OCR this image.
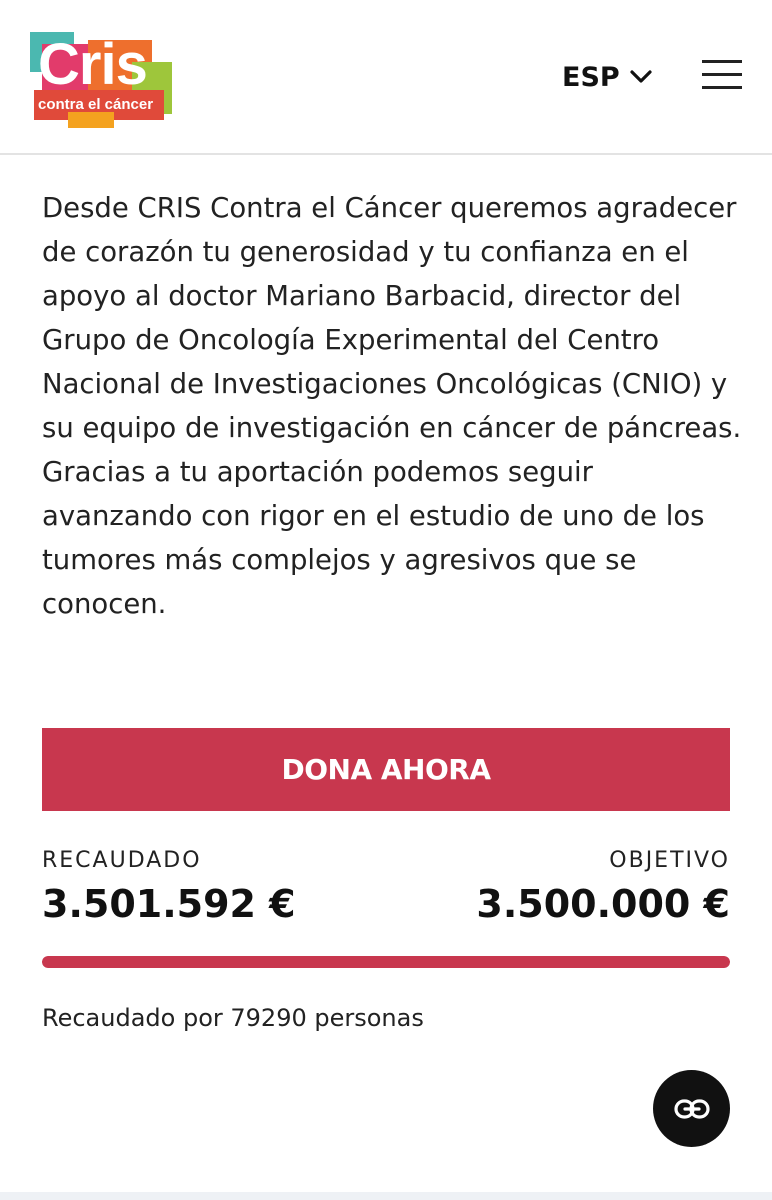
Cris
contra el cáncer
ESP

Desde CRIS Contra el Cáncer queremos agradecer de corazón tu generosidad y tu confianza en el apoyo al doctor Mariano Barbacid, director del Grupo de Oncología Experimental del Centro Nacional de Investigaciones Oncológicas (CNIO) y su equipo de investigación en cáncer de páncreas. Gracias a tu aportación podemos seguir avanzando con rigor en el estudio de uno de los tumores más complejos y agresivos que se conocen.

DONA AHORA
RECAUDADO
3.501.592 €
OBJETIVO
3.500.000 €
Recaudado por 79290 personas
